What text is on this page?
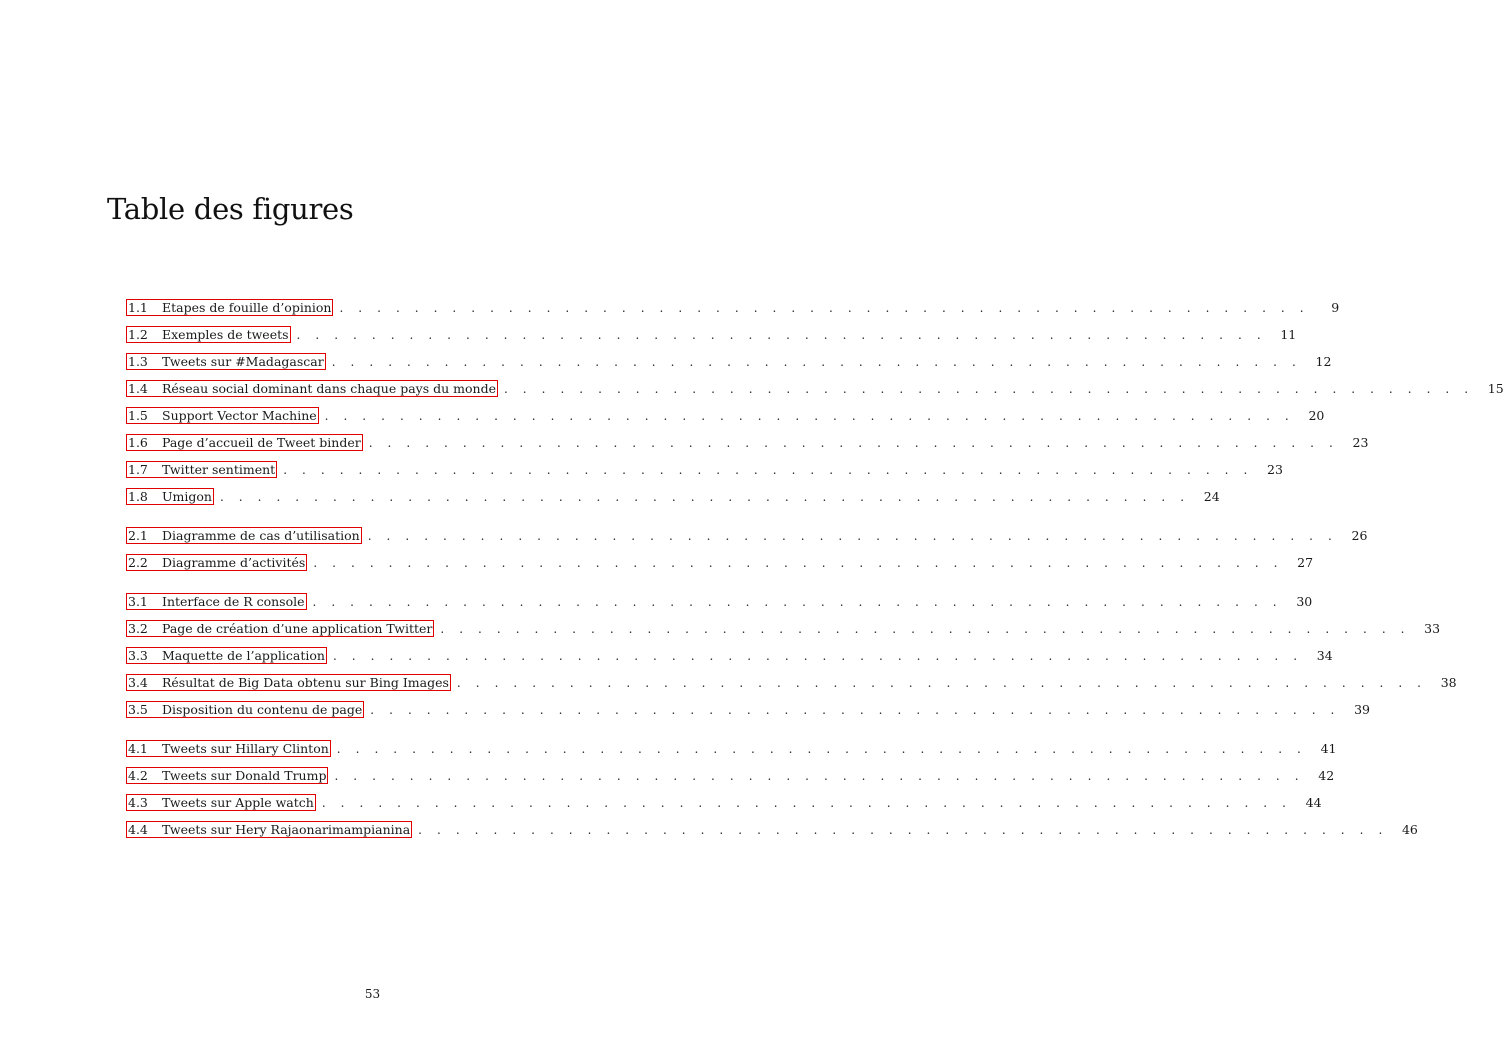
Table des figures
1.1	Etapes de fouille d’opinion . . . . . . . . . . . . . . . . . . . . . . . . . . . . . . . . . . . . . . . . . . . . . . . . . . . .	9
1.2	Exemples de tweets . . . . . . . . . . . . . . . . . . . . . . . . . . . . . . . . . . . . . . . . . . . . . . . . . . . .	11
1.3	Tweets sur #Madagascar . . . . . . . . . . . . . . . . . . . . . . . . . . . . . . . . . . . . . . . . . . . . . . . . . . . .	12
1.4	Réseau social dominant dans chaque pays du monde . . . . . . . . . . . . . . . . . . . . . . . . . . . . . . . . . . . . . . . . . . . . . . . . . . . .	15
1.5	Support Vector Machine . . . . . . . . . . . . . . . . . . . . . . . . . . . . . . . . . . . . . . . . . . . . . . . . . . . .	20
1.6	Page d’accueil de Tweet binder . . . . . . . . . . . . . . . . . . . . . . . . . . . . . . . . . . . . . . . . . . . . . . . . . . . .	23
1.7	Twitter sentiment . . . . . . . . . . . . . . . . . . . . . . . . . . . . . . . . . . . . . . . . . . . . . . . . . . . .	23
1.8	Umigon . . . . . . . . . . . . . . . . . . . . . . . . . . . . . . . . . . . . . . . . . . . . . . . . . . . .	24
2.1	Diagramme de cas d’utilisation . . . . . . . . . . . . . . . . . . . . . . . . . . . . . . . . . . . . . . . . . . . . . . . . . . . .	26
2.2	Diagramme d’activités . . . . . . . . . . . . . . . . . . . . . . . . . . . . . . . . . . . . . . . . . . . . . . . . . . . .	27
3.1	Interface de R console . . . . . . . . . . . . . . . . . . . . . . . . . . . . . . . . . . . . . . . . . . . . . . . . . . . .	30
3.2	Page de création d’une application Twitter . . . . . . . . . . . . . . . . . . . . . . . . . . . . . . . . . . . . . . . . . . . . . . . . . . . .	33
3.3	Maquette de l’application . . . . . . . . . . . . . . . . . . . . . . . . . . . . . . . . . . . . . . . . . . . . . . . . . . . .	34
3.4	Résultat de Big Data obtenu sur Bing Images . . . . . . . . . . . . . . . . . . . . . . . . . . . . . . . . . . . . . . . . . . . . . . . . . . . .	38
3.5	Disposition du contenu de page . . . . . . . . . . . . . . . . . . . . . . . . . . . . . . . . . . . . . . . . . . . . . . . . . . . .	39
4.1	Tweets sur Hillary Clinton . . . . . . . . . . . . . . . . . . . . . . . . . . . . . . . . . . . . . . . . . . . . . . . . . . . .	41
4.2	Tweets sur Donald Trump . . . . . . . . . . . . . . . . . . . . . . . . . . . . . . . . . . . . . . . . . . . . . . . . . . . .	42
4.3	Tweets sur Apple watch . . . . . . . . . . . . . . . . . . . . . . . . . . . . . . . . . . . . . . . . . . . . . . . . . . . .	44
4.4	Tweets sur Hery Rajaonarimampianina . . . . . . . . . . . . . . . . . . . . . . . . . . . . . . . . . . . . . . . . . . . . . . . . . . . .	46
53
